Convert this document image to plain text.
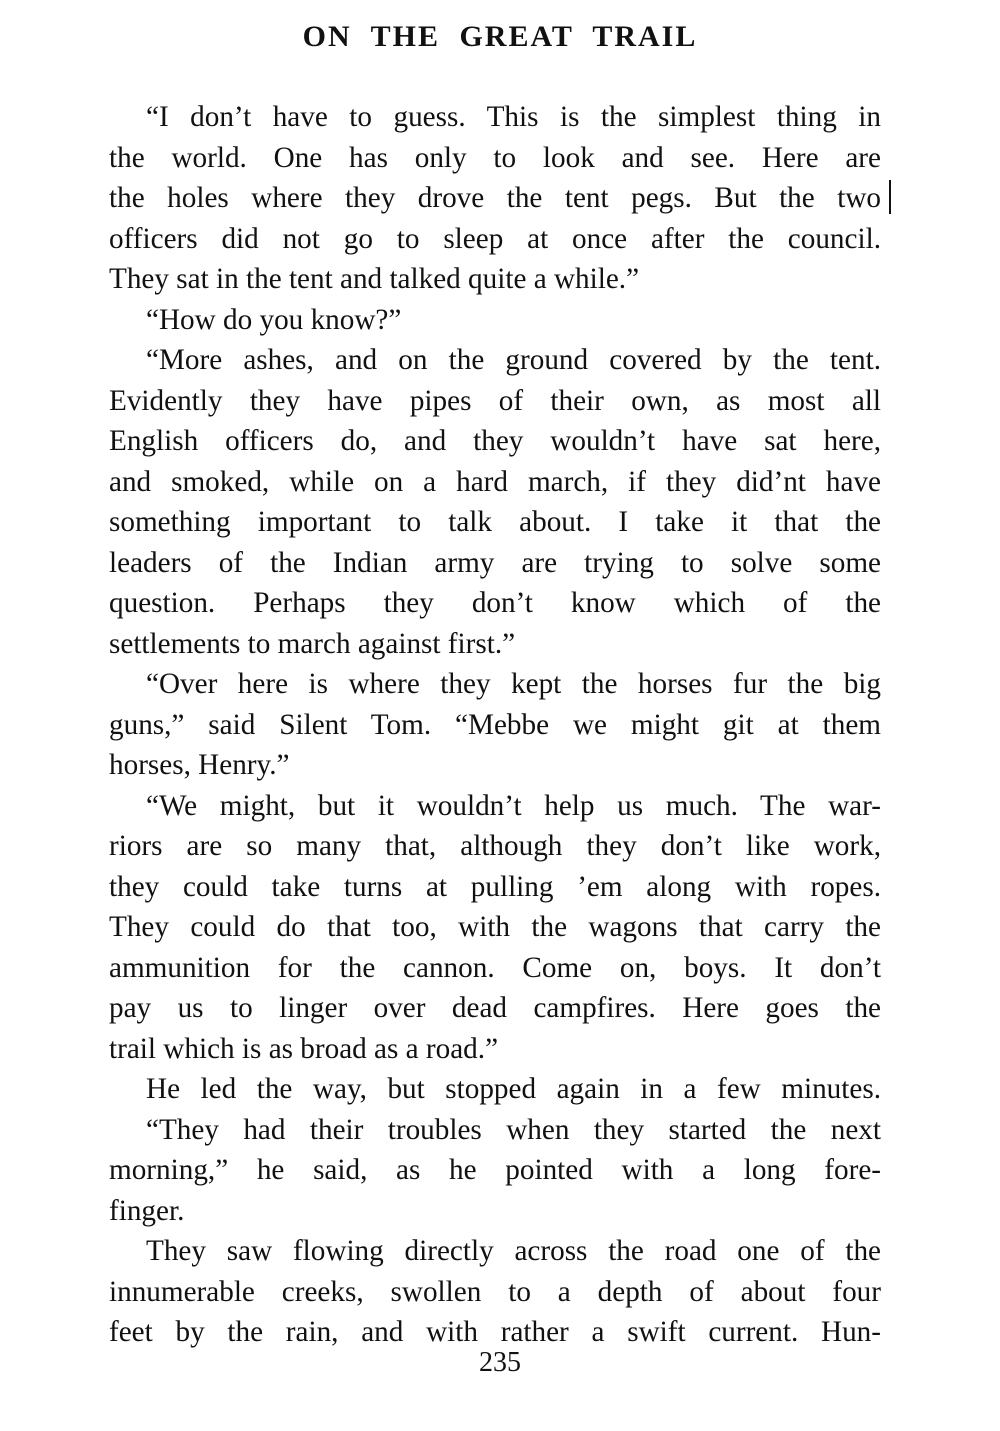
ON THE GREAT TRAIL
“I don’t have to guess. This is the simplest thing in
the world. One has only to look and see. Here are
the holes where they drove the tent pegs. But the two
officers did not go to sleep at once after the council.
They sat in the tent and talked quite a while.”
“How do you know?”
“More ashes, and on the ground covered by the tent.
Evidently they have pipes of their own, as most all
English officers do, and they wouldn’t have sat here,
and smoked, while on a hard march, if they did’nt have
something important to talk about. I take it that the
leaders of the Indian army are trying to solve some
question. Perhaps they don’t know which of the
settlements to march against first.”
“Over here is where they kept the horses fur the big
guns,” said Silent Tom. “Mebbe we might git at them
horses, Henry.”
“We might, but it wouldn’t help us much. The war-
riors are so many that, although they don’t like work,
they could take turns at pulling ’em along with ropes.
They could do that too, with the wagons that carry the
ammunition for the cannon. Come on, boys. It don’t
pay us to linger over dead campfires. Here goes the
trail which is as broad as a road.”
He led the way, but stopped again in a few minutes.
“They had their troubles when they started the next
morning,” he said, as he pointed with a long fore-
finger.
They saw flowing directly across the road one of the
innumerable creeks, swollen to a depth of about four
feet by the rain, and with rather a swift current. Hun-
235
